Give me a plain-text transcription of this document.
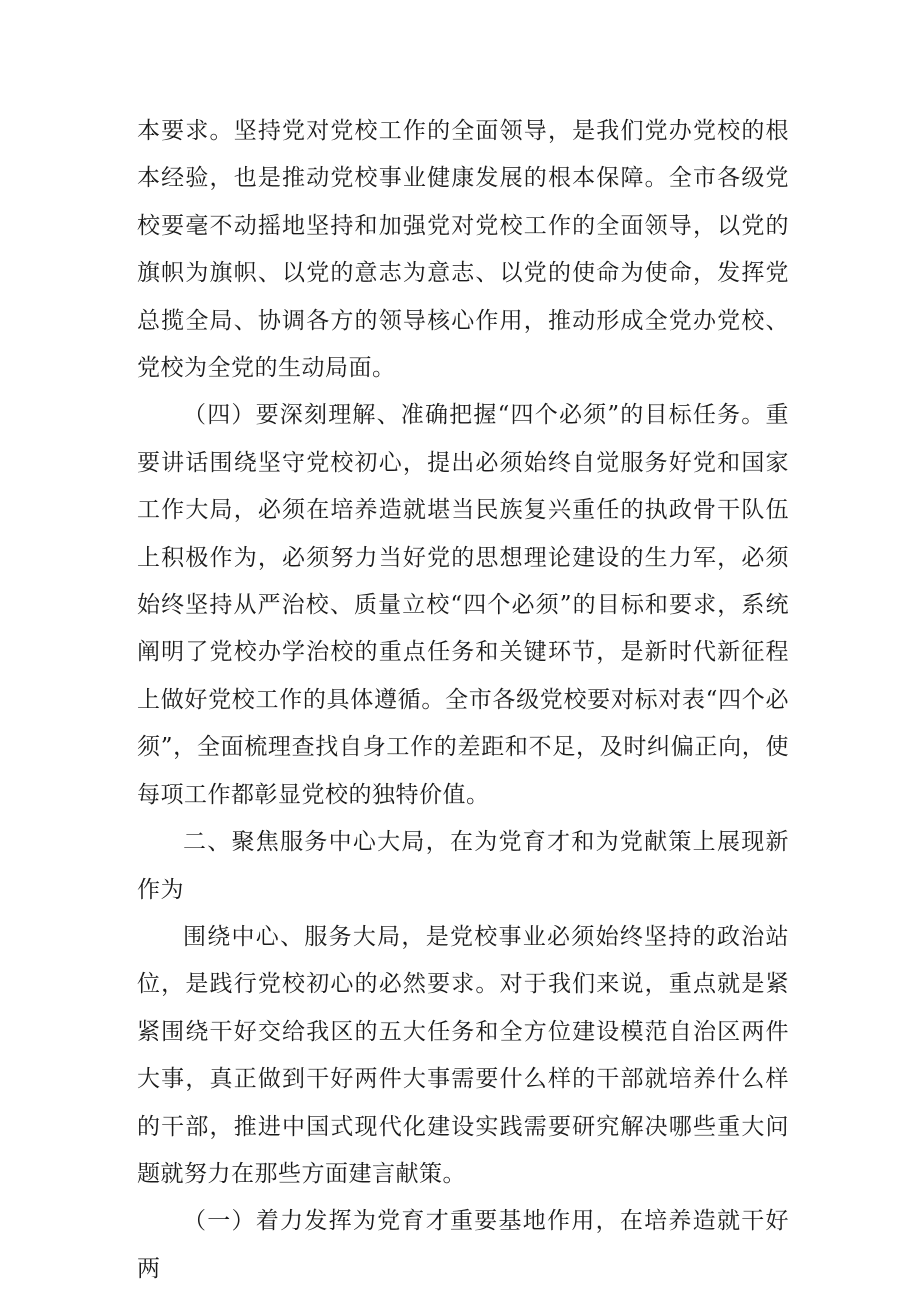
本要求。坚持党对党校工作的全面领导，是我们党办党校的根本经验，也是推动党校事业健康发展的根本保障。全市各级党校要毫不动摇地坚持和加强党对党校工作的全面领导，以党的旗帜为旗帜、以党的意志为意志、以党的使命为使命，发挥党总揽全局、协调各方的领导核心作用，推动形成全党办党校、党校为全党的生动局面。

（四）要深刻理解、准确把握“四个必须”的目标任务。重要讲话围绕坚守党校初心，提出必须始终自觉服务好党和国家工作大局，必须在培养造就堪当民族复兴重任的执政骨干队伍上积极作为，必须努力当好党的思想理论建设的生力军，必须始终坚持从严治校、质量立校“四个必须”的目标和要求，系统阐明了党校办学治校的重点任务和关键环节，是新时代新征程上做好党校工作的具体遵循。全市各级党校要对标对表“四个必须”，全面梳理查找自身工作的差距和不足，及时纠偏正向，使每项工作都彰显党校的独特价值。

二、聚焦服务中心大局，在为党育才和为党献策上展现新作为

围绕中心、服务大局，是党校事业必须始终坚持的政治站位，是践行党校初心的必然要求。对于我们来说，重点就是紧紧围绕干好交给我区的五大任务和全方位建设模范自治区两件大事，真正做到干好两件大事需要什么样的干部就培养什么样的干部，推进中国式现代化建设实践需要研究解决哪些重大问题就努力在那些方面建言献策。

（一）着力发挥为党育才重要基地作用，在培养造就干好两
